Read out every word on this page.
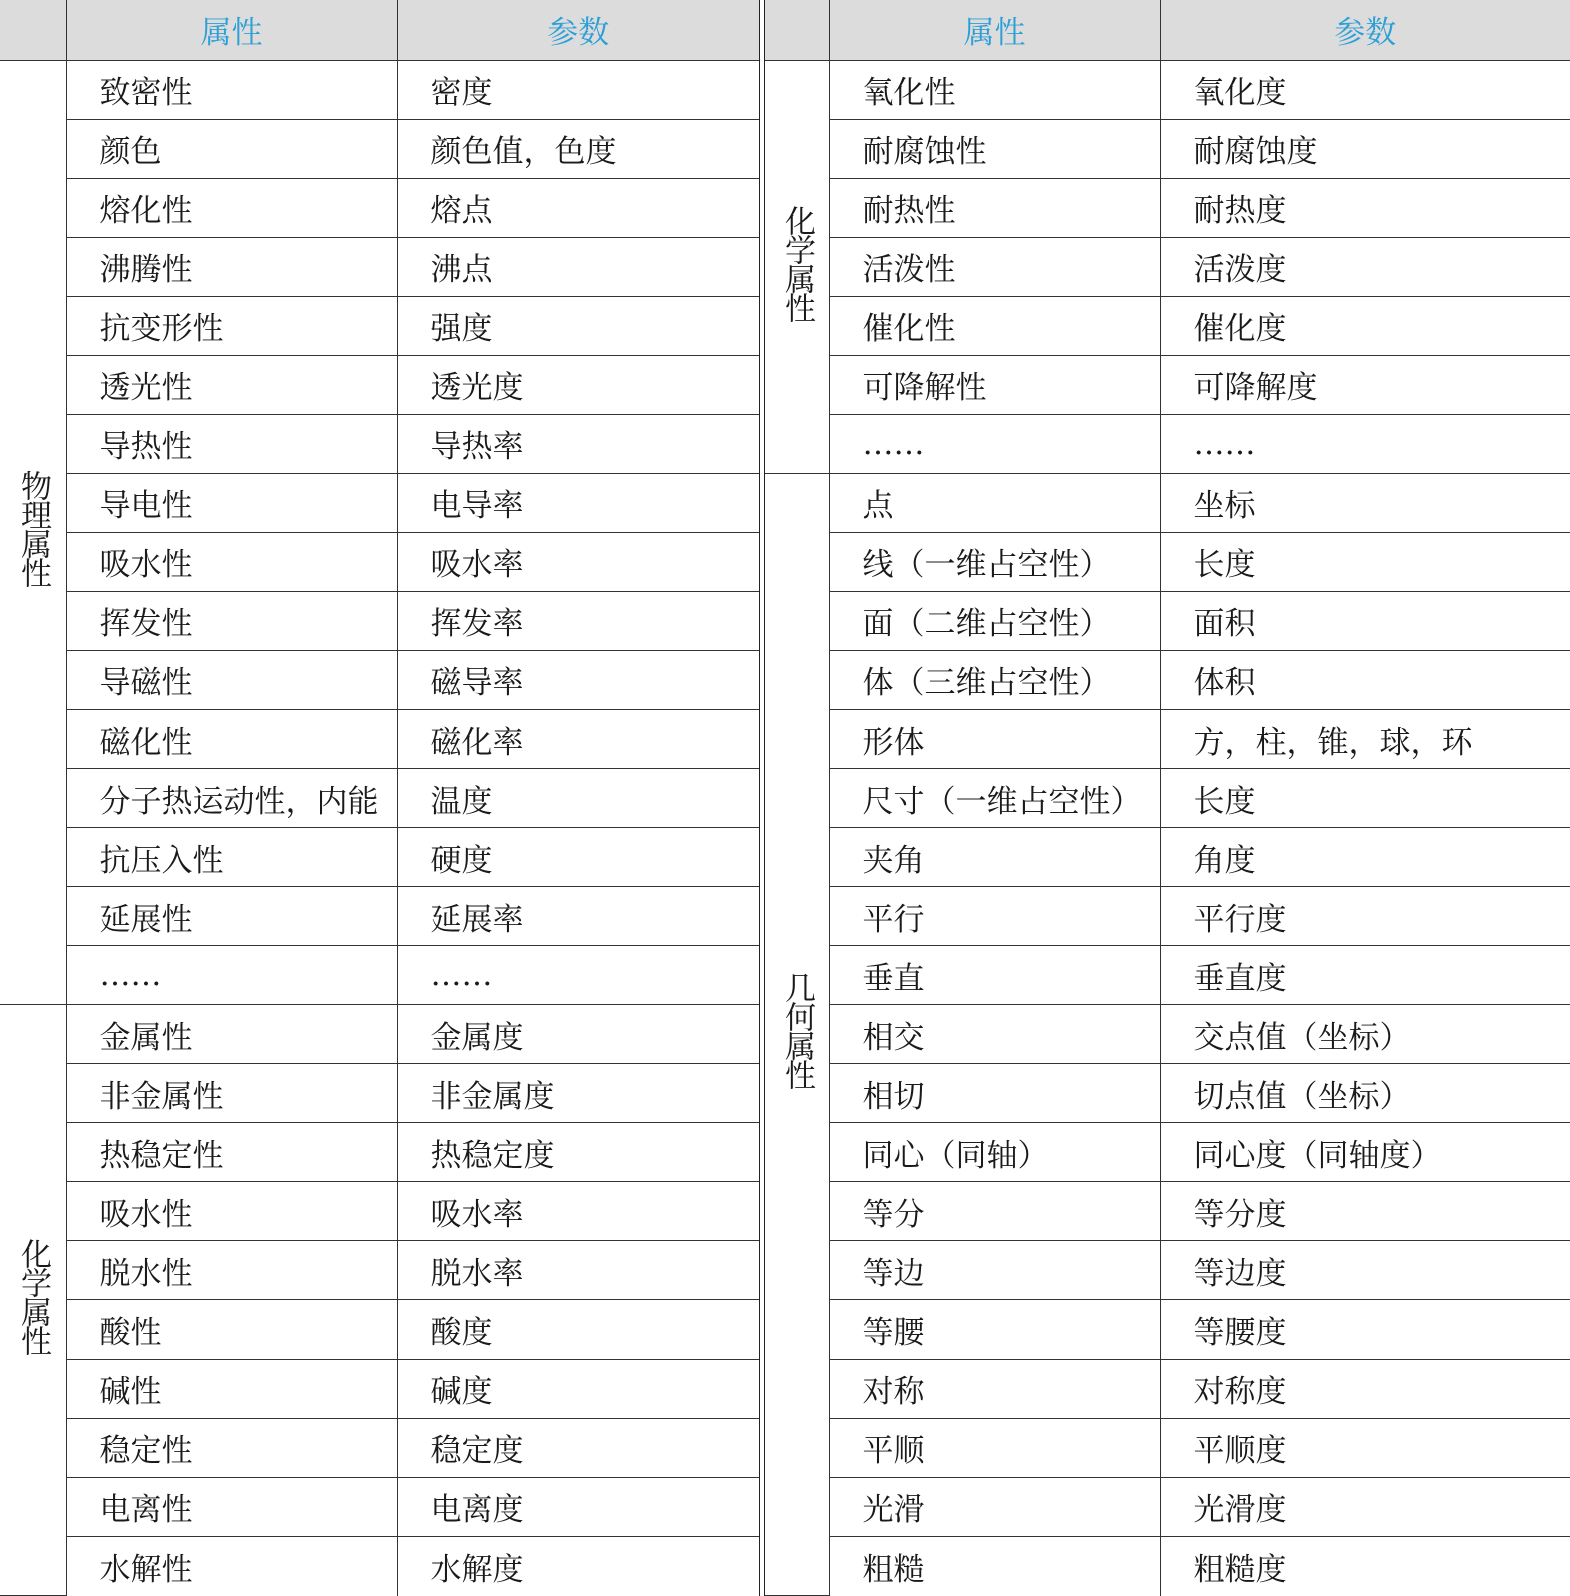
	属性	参数
物理属性	致密性	密度
	颜色	颜色值，色度
	熔化性	熔点
	沸腾性	沸点
	抗变形性	强度
	透光性	透光度
	导热性	导热率
	导电性	电导率
	吸水性	吸水率
	挥发性	挥发率
	导磁性	磁导率
	磁化性	磁化率
	分子热运动性，内能	温度
	抗压入性	硬度
	延展性	延展率
	……	……
化学属性	金属性	金属度
	非金属性	非金属度
	热稳定性	热稳定度
	吸水性	吸水率
	脱水性	脱水率
	酸性	酸度
	碱性	碱度
	稳定性	稳定度
	电离性	电离度
	水解性	水解度
	属性	参数
化学属性	氧化性	氧化度
	耐腐蚀性	耐腐蚀度
	耐热性	耐热度
	活泼性	活泼度
	催化性	催化度
	可降解性	可降解度
	……	……
几何属性	点	坐标
	线（一维占空性）	长度
	面（二维占空性）	面积
	体（三维占空性）	体积
	形体	方，柱，锥，球，环
	尺寸（一维占空性）	长度
	夹角	角度
	平行	平行度
	垂直	垂直度
	相交	交点值（坐标）
	相切	切点值（坐标）
	同心（同轴）	同心度（同轴度）
	等分	等分度
	等边	等边度
	等腰	等腰度
	对称	对称度
	平顺	平顺度
	光滑	光滑度
	粗糙	粗糙度
